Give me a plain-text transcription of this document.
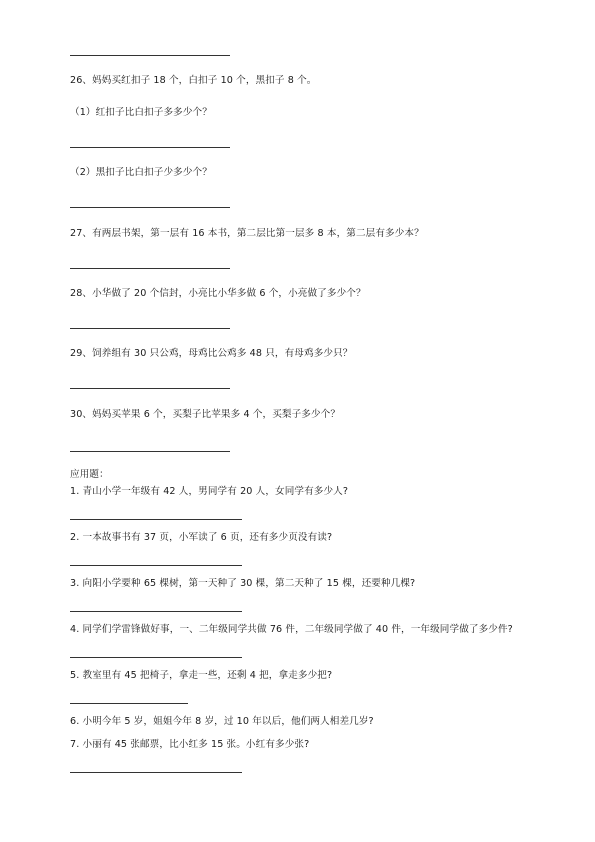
26、妈妈买红扣子 18 个，白扣子 10 个，黑扣子 8 个。
（1）红扣子比白扣子多多少个？
（2）黑扣子比白扣子少多少个？
27、有两层书架，第一层有 16 本书，第二层比第一层多 8 本，第二层有多少本？
28、小华做了 20 个信封，小亮比小华多做 6 个，小亮做了多少个？
29、饲养组有 30 只公鸡，母鸡比公鸡多 48 只，有母鸡多少只？
30、妈妈买苹果 6 个，买梨子比苹果多 4 个，买梨子多少个？
应用题：
1. 青山小学一年级有 42 人，男同学有 20 人，女同学有多少人?
2. 一本故事书有 37 页，小军读了 6 页，还有多少页没有读?
3. 向阳小学要种 65 棵树，第一天种了 30 棵，第二天种了 15 棵，还要种几棵?
4. 同学们学雷锋做好事，一、二年级同学共做 76 件，二年级同学做了 40 件，一年级同学做了多少件?
5. 教室里有 45 把椅子，拿走一些，还剩 4 把，拿走多少把?
6. 小明今年 5 岁，姐姐今年 8 岁，过 10 年以后，他们两人相差几岁?
7. 小丽有 45 张邮票，比小红多 15 张。小红有多少张?
